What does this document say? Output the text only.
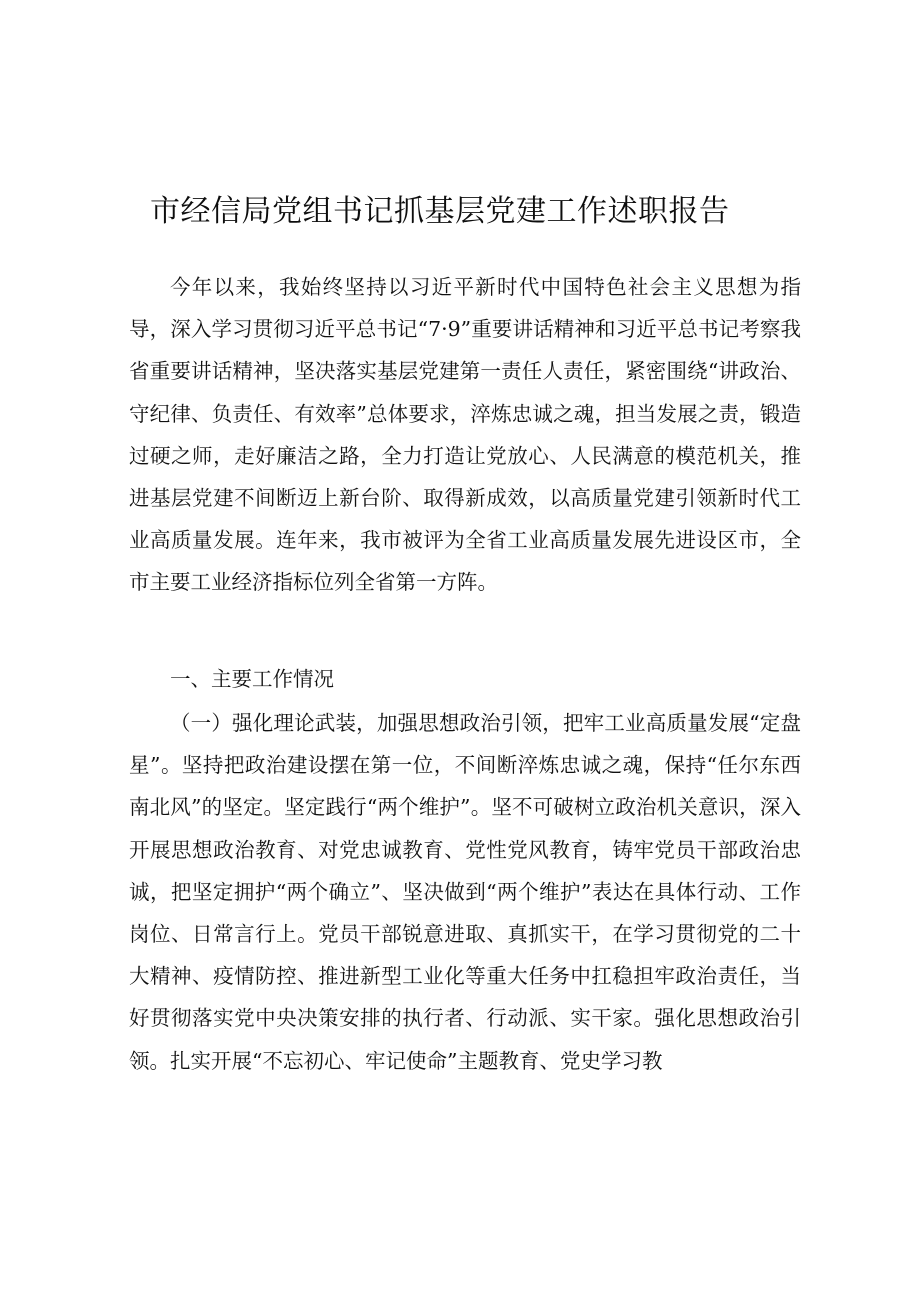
市经信局党组书记抓基层党建工作述职报告

今年以来，我始终坚持以习近平新时代中国特色社会主义思想为指导，深入学习贯彻习近平总书记“7·9”重要讲话精神和习近平总书记考察我省重要讲话精神，坚决落实基层党建第一责任人责任，紧密围绕“讲政治、守纪律、负责任、有效率”总体要求，淬炼忠诚之魂，担当发展之责，锻造过硬之师，走好廉洁之路，全力打造让党放心、人民满意的模范机关，推进基层党建不间断迈上新台阶、取得新成效，以高质量党建引领新时代工业高质量发展。连年来，我市被评为全省工业高质量发展先进设区市，全市主要工业经济指标位列全省第一方阵。

一、主要工作情况

（一）强化理论武装，加强思想政治引领，把牢工业高质量发展“定盘星”。坚持把政治建设摆在第一位，不间断淬炼忠诚之魂，保持“任尔东西南北风”的坚定。坚定践行“两个维护”。坚不可破树立政治机关意识，深入开展思想政治教育、对党忠诚教育、党性党风教育，铸牢党员干部政治忠诚，把坚定拥护“两个确立”、坚决做到“两个维护”表达在具体行动、工作岗位、日常言行上。党员干部锐意进取、真抓实干，在学习贯彻党的二十大精神、疫情防控、推进新型工业化等重大任务中扛稳担牢政治责任，当好贯彻落实党中央决策安排的执行者、行动派、实干家。强化思想政治引领。扎实开展“不忘初心、牢记使命”主题教育、党史学习教
